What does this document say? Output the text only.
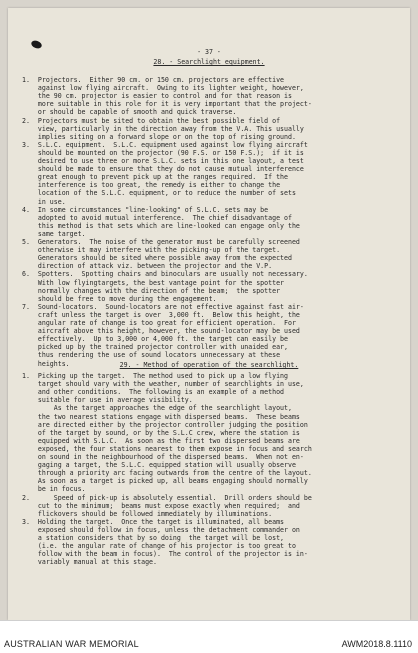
- 37 -
28. - Searchlight equipment.
29. - Method of operation of the searchlight.
1.  Projectors.  Either 90 cm. or 150 cm. projectors are effective
against low flying aircraft.  Owing to its lighter weight, however,
the 90 cm. projector is easier to control and for that reason is
more suitable in this role for it is very important that the project-
or should be capable of smooth and quick traverse.
2.  Projectors must be sited to obtain the best possible field of
view, particularly in the direction away from the V.A. This usually
implies siting on a forward slope or on the top of rising ground.
3.  S.L.C. equipment.  S.L.C. equipment used against low flying aircraft
should be mounted on the projector (90 F.S. or 150 F.S.);  if it is
desired to use three or more S.L.C. sets in this one layout, a test
should be made to ensure that they do not cause mutual interference
great enough to prevent pick up at the ranges required.  If the
interference is too great, the remedy is either to change the
location of the S.L.C. equipment, or to reduce the number of sets
in use.
4.  In some circumstances "line-looking" of S.L.C. sets may be
adopted to avoid mutual interference.  The chief disadvantage of
this method is that sets which are line-looked can engage only the
same target.
5.  Generators.  The noise of the generator must be carefully screened
otherwise it may interfere with the picking-up of the target.
Generators should be sited where possible away from the expected
direction of attack viz. between the projector and the V.P.
6.  Spotters.  Spotting chairs and binoculars are usually not necessary.
With low flyingtargets, the best vantage point for the spotter
normally changes with the direction of the beam;  the spotter
should be free to move during the engagement.
7.  Sound-locators.  Sound-locators are not effective against fast air-
craft unless the target is over  3,000 ft.  Below this height, the
angular rate of change is too great for efficient operation.  For
aircraft above this height, however, the sound-locator may be used
effectively.  Up to 3,000 or 4,000 ft. the target can easily be
picked up by the trained projector controller with unaided ear,
thus rendering the use of sound locators unnecessary at these
heights.
1.  Picking up the target.  The method used to pick up a low flying
target should vary with the weather, number of searchlights in use,
and other conditions.  The following is an example of a method
suitable for use in average visibility.
As the target approaches the edge of the searchlight layout,
the two nearest stations engage with dispersed beams.  These beams
are directed either by the projector controller judging the position
of the target by sound, or by the S.L.C crew, where the station is
equipped with S.L.C.  As soon as the first two dispersed beams are
exposed, the four stations nearest to them expose in focus and search
on sound in the neighbourhood of the dispersed beams.  When not en-
gaging a target, the S.L.C. equipped station will usually observe
through a priority arc facing outwards from the centre of the layout.
As soon as a target is picked up, all beams engaging should normally
be in focus.
2.      Speed of pick-up is absolutely essential.  Drill orders should be
cut to the minimum;  beams must expose exactly when required;  and
flickovers should be followed immediately by illuminations.
3.  Holding the target.  Once the target is illuminated, all beams
exposed should follow in focus, unless the detachment commander on
a station considers that by so doing  the target will be lost,
(i.e. the angular rate of change of his projector is too great to
follow with the beam in focus).  The control of the projector is in-
variably manual at this stage.
AUSTRALIAN WAR MEMORIAL	AWM2018.8.1110
